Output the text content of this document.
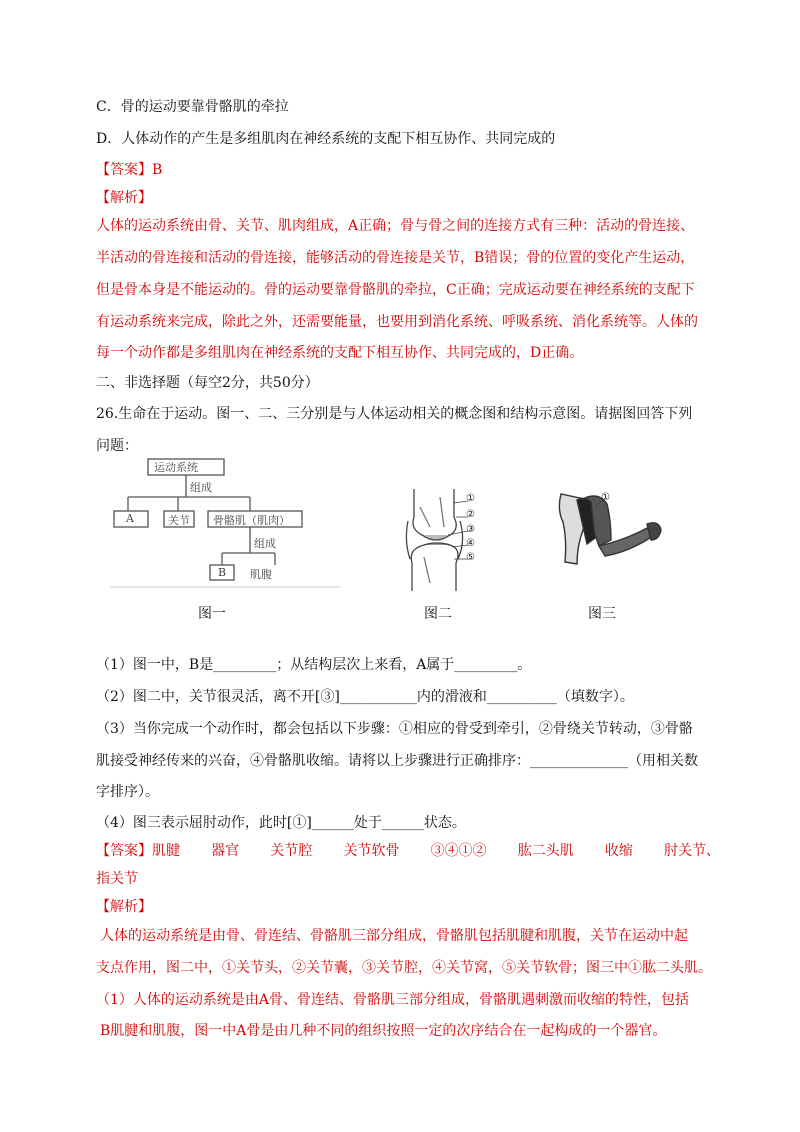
C．骨的运动要靠骨骼肌的牵拉
D．人体动作的产生是多组肌肉在神经系统的支配下相互协作、共同完成的
【答案】B
【解析】
人体的运动系统由骨、关节、肌肉组成，A正确；骨与骨之间的连接方式有三种：活动的骨连接、
半活动的骨连接和活动的骨连接，能够活动的骨连接是关节，B错误；骨的位置的变化产生运动，
但是骨本身是不能运动的。骨的运动要靠骨骼肌的牵拉，C正确；完成运动要在神经系统的支配下
有运动系统来完成，除此之外，还需要能量，也要用到消化系统、呼吸系统、消化系统等。人体的
每一个动作都是多组肌肉在神经系统的支配下相互协作、共同完成的，D正确。
二、非选择题（每空2分，共50分）
26.生命在于运动。图一、二、三分别是与人体运动相关的概念图和结构示意图。请据图回答下列
问题：
运动系统
组成
A	关节 骨骼肌（肌肉）
组成
B 肌腹
图一
①
②
③
④
⑤
图二
①
图三
（1）图一中，B是_________；从结构层次上来看，A属于_________。
（2）图二中，关节很灵活，离不开[③]___________内的滑液和__________（填数字）。
（3）当你完成一个动作时，都会包括以下步骤：①相应的骨受到牵引，②骨绕关节转动，③骨骼
肌接受神经传来的兴奋，④骨骼肌收缩。请将以上步骤进行正确排序：______________（用相关数
字排序）。
（4）图三表示屈肘动作，此时[①]______处于______状态。
【答案】肌腱       器官       关节腔       关节软骨       ③④①②       肱二头肌       收缩       肘关节、
指关节
【解析】
人体的运动系统是由骨、骨连结、骨骼肌三部分组成，骨骼肌包括肌腱和肌腹，关节在运动中起
支点作用，图二中，①关节头，②关节囊，③关节腔，④关节窝，⑤关节软骨；图三中①肱二头肌。
（1）人体的运动系统是由A骨、骨连结、骨骼肌三部分组成，骨骼肌遇刺激而收缩的特性，包括
B肌腱和肌腹，图一中A骨是由几种不同的组织按照一定的次序结合在一起构成的一个器官。
